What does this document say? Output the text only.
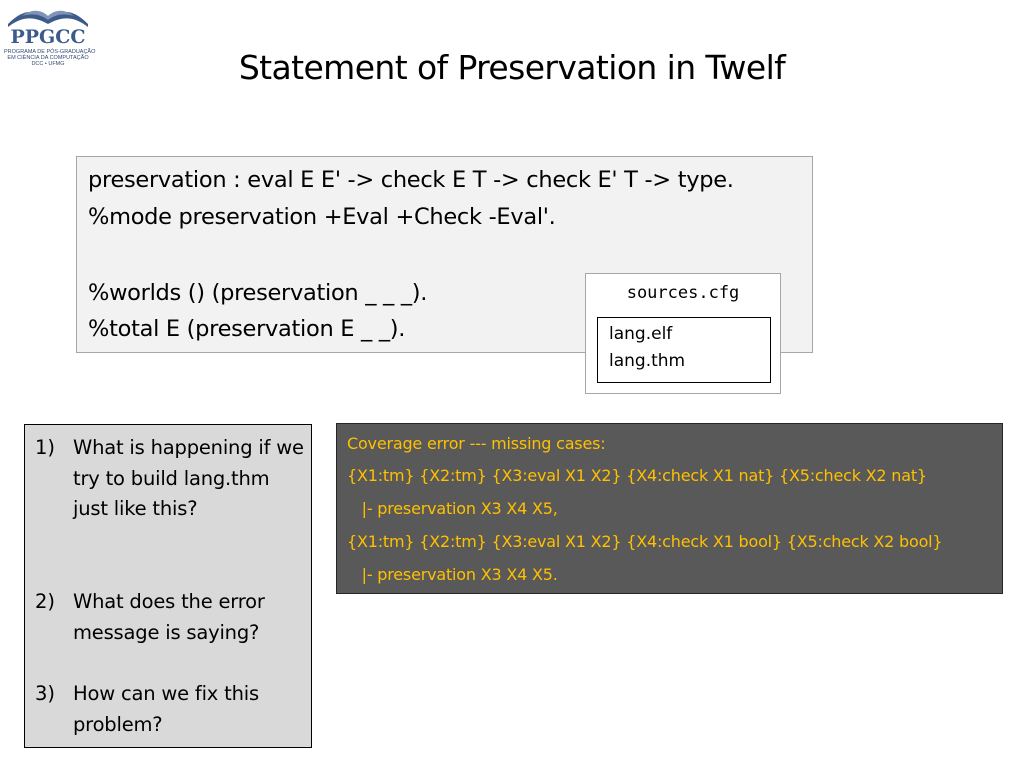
PPGCC
PROGRAMA DE PÓS-GRADUAÇÃO
EM CIÊNCIA DA COMPUTAÇÃO
DCC • UFMG	Statement of Preservation in Twelf
preservation : eval E E' -> check E T -> check E' T -> type.
%mode preservation +Eval +Check -Eval'.
%worlds () (preservation _ _ _).
%total E (preservation E _ _).
sources.cfg
lang.elf
lang.thm
1) What is happening if we try to build lang.thm just like this?
2) What does the error message is saying?
3) How can we fix this problem?
Coverage error --- missing cases:
{X1:tm} {X2:tm} {X3:eval X1 X2} {X4:check X1 nat} {X5:check X2 nat}
|- preservation X3 X4 X5,
{X1:tm} {X2:tm} {X3:eval X1 X2} {X4:check X1 bool} {X5:check X2 bool}
|- preservation X3 X4 X5.
